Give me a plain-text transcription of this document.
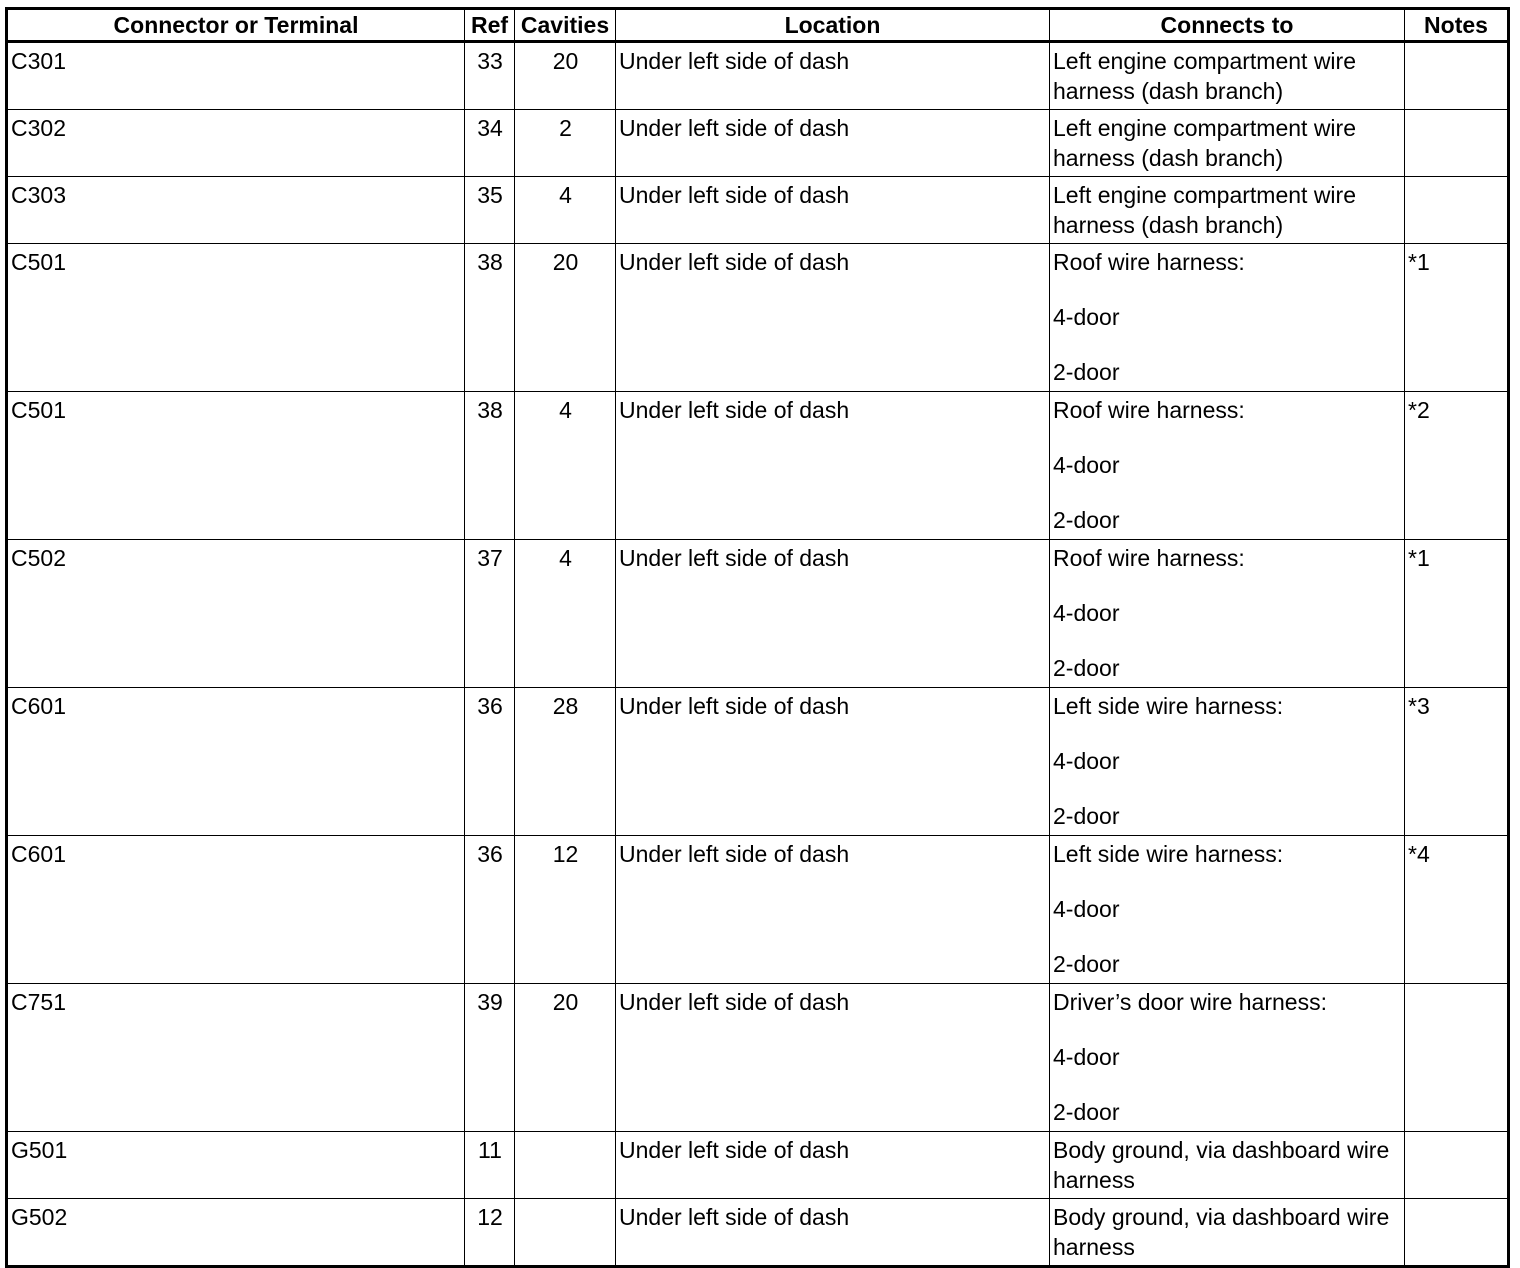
Connector or Terminal	Ref	Cavities	Location	Connects to	Notes
C301	33	20	Under left side of dash	Left engine compartment wire harness (dash branch)	
C302	34	2	Under left side of dash	Left engine compartment wire harness (dash branch)	
C303	35	4	Under left side of dash	Left engine compartment wire harness (dash branch)	
C501	38	20	Under left side of dash	Roof wire harness:
4-door
2-door	*1
C501	38	4	Under left side of dash	Roof wire harness:
4-door
2-door	*2
C502	37	4	Under left side of dash	Roof wire harness:
4-door
2-door	*1
C601	36	28	Under left side of dash	Left side wire harness:
4-door
2-door	*3
C601	36	12	Under left side of dash	Left side wire harness:
4-door
2-door	*4
C751	39	20	Under left side of dash	Driver’s door wire harness:
4-door
2-door	

G501	11		Under left side of dash	Body ground, via dashboard wire harness	
G502	12		Under left side of dash	Body ground, via dashboard wire harness	
